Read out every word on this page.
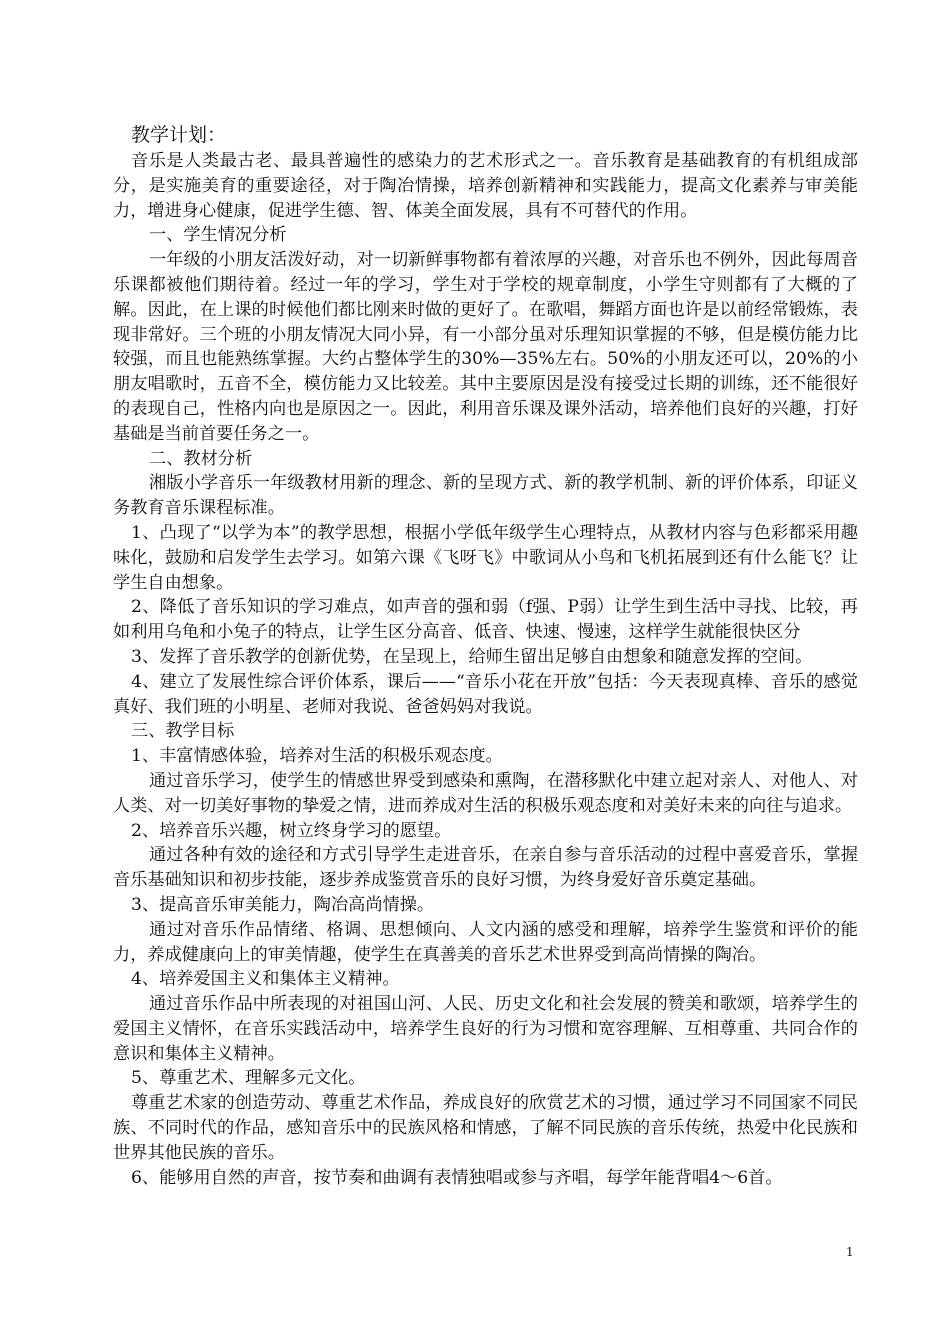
教学计划：

音乐是人类最古老、最具普遍性的感染力的艺术形式之一。音乐教育是基础教育的有机组成部分，是实施美育的重要途径，对于陶冶情操，培养创新精神和实践能力，提高文化素养与审美能力，增进身心健康，促进学生德、智、体美全面发展，具有不可替代的作用。

一、学生情况分析

一年级的小朋友活泼好动，对一切新鲜事物都有着浓厚的兴趣，对音乐也不例外，因此每周音乐课都被他们期待着。经过一年的学习，学生对于学校的规章制度，小学生守则都有了大概的了解。因此，在上课的时候他们都比刚来时做的更好了。在歌唱，舞蹈方面也许是以前经常锻炼，表现非常好。三个班的小朋友情况大同小异，有一小部分虽对乐理知识掌握的不够，但是模仿能力比较强，而且也能熟练掌握。大约占整体学生的30%—35%左右。50%的小朋友还可以，20%的小朋友唱歌时，五音不全，模仿能力又比较差。其中主要原因是没有接受过长期的训练，还不能很好的表现自己，性格内向也是原因之一。因此，利用音乐课及课外活动，培养他们良好的兴趣，打好基础是当前首要任务之一。

二、教材分析

湘版小学音乐一年级教材用新的理念、新的呈现方式、新的教学机制、新的评价体系，印证义务教育音乐课程标准。

1、凸现了“以学为本”的教学思想，根据小学低年级学生心理特点，从教材内容与色彩都采用趣味化，鼓励和启发学生去学习。如第六课《飞呀飞》中歌词从小鸟和飞机拓展到还有什么能飞？让学生自由想象。

2、降低了音乐知识的学习难点，如声音的强和弱（f强、P弱）让学生到生活中寻找、比较，再如利用乌龟和小兔子的特点，让学生区分高音、低音、快速、慢速，这样学生就能很快区分

3、发挥了音乐教学的创新优势，在呈现上，给师生留出足够自由想象和随意发挥的空间。

4、建立了发展性综合评价体系，课后——“音乐小花在开放”包括：今天表现真棒、音乐的感觉真好、我们班的小明星、老师对我说、爸爸妈妈对我说。

三、教学目标

1、丰富情感体验，培养对生活的积极乐观态度。

通过音乐学习，使学生的情感世界受到感染和熏陶，在潜移默化中建立起对亲人、对他人、对人类、对一切美好事物的挚爱之情，进而养成对生活的积极乐观态度和对美好未来的向往与追求。

2、培养音乐兴趣，树立终身学习的愿望。

通过各种有效的途径和方式引导学生走进音乐，在亲自参与音乐活动的过程中喜爱音乐，掌握音乐基础知识和初步技能，逐步养成鉴赏音乐的良好习惯，为终身爱好音乐奠定基础。

3、提高音乐审美能力，陶冶高尚情操。

通过对音乐作品情绪、格调、思想倾向、人文内涵的感受和理解，培养学生鉴赏和评价的能力，养成健康向上的审美情趣，使学生在真善美的音乐艺术世界受到高尚情操的陶冶。

4、培养爱国主义和集体主义精神。

通过音乐作品中所表现的对祖国山河、人民、历史文化和社会发展的赞美和歌颂，培养学生的爱国主义情怀，在音乐实践活动中，培养学生良好的行为习惯和宽容理解、互相尊重、共同合作的意识和集体主义精神。

5、尊重艺术、理解多元文化。

尊重艺术家的创造劳动、尊重艺术作品，养成良好的欣赏艺术的习惯，通过学习不同国家不同民族、不同时代的作品，感知音乐中的民族风格和情感，了解不同民族的音乐传统，热爱中化民族和世界其他民族的音乐。

6、能够用自然的声音，按节奏和曲调有表情独唱或参与齐唱，每学年能背唱4～6首。

1
